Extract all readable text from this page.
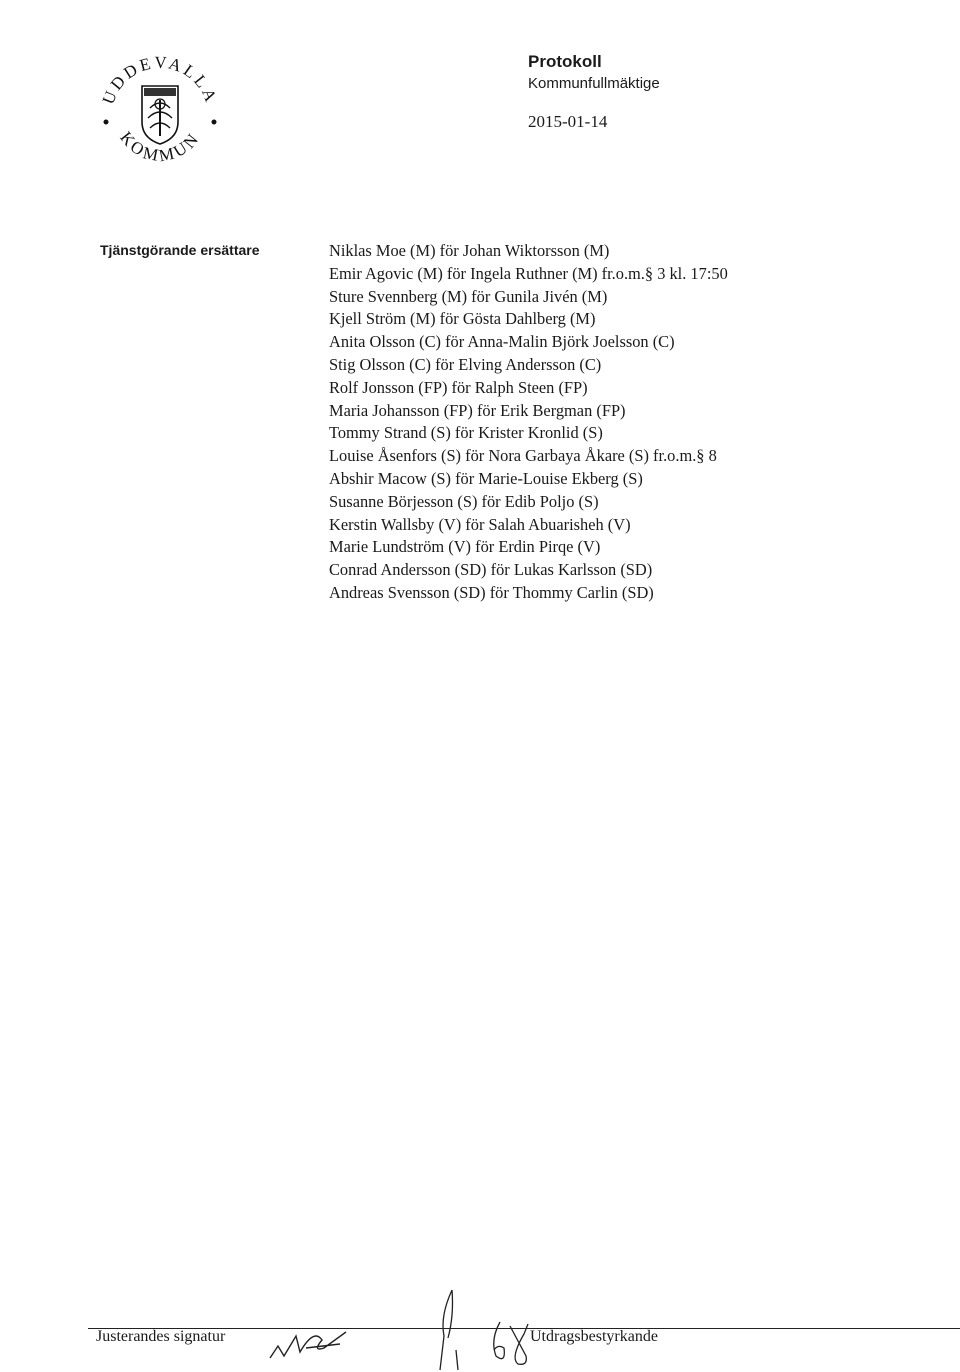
UDDEVALLA
KOMMUN
Protokoll
Kommunfullmäktige
2015-01-14
Tjänstgörande ersättare	Niklas Moe (M) för Johan Wiktorsson (M)
Emir Agovic (M) för Ingela Ruthner (M) fr.o.m.§ 3 kl. 17:50
Sture Svennberg (M) för Gunila Jivén (M)
Kjell Ström (M) för Gösta Dahlberg (M)
Anita Olsson (C) för Anna-Malin Björk Joelsson (C)
Stig Olsson (C) för Elving Andersson (C)
Rolf Jonsson (FP) för Ralph Steen (FP)
Maria Johansson (FP) för Erik Bergman (FP)
Tommy Strand (S) för Krister Kronlid (S)
Louise Åsenfors (S) för Nora Garbaya Åkare (S) fr.o.m.§ 8
Abshir Macow (S) för Marie-Louise Ekberg (S)
Susanne Börjesson (S) för Edib Poljo (S)
Kerstin Wallsby (V) för Salah Abuarisheh (V)
Marie Lundström (V) för Erdin Pirqe (V)
Conrad Andersson (SD) för Lukas Karlsson (SD)
Andreas Svensson (SD) för Thommy Carlin (SD)
Justerandes signatur	Utdragsbestyrkande
